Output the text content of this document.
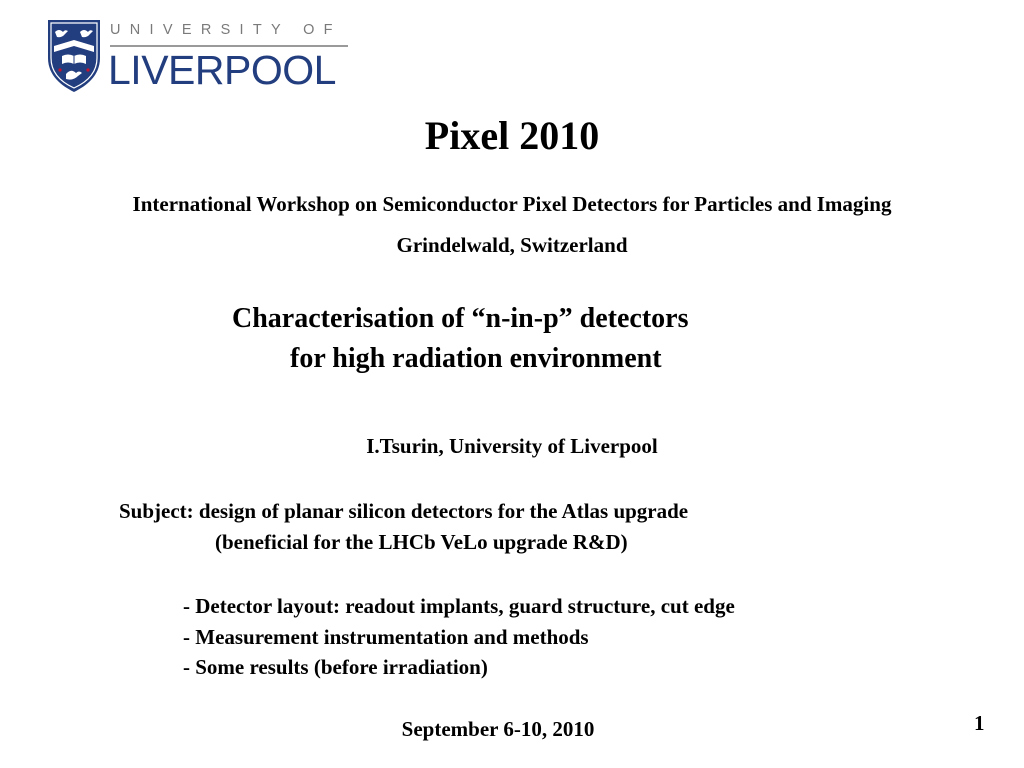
UNIVERSITY OF
LIVERPOOL
Pixel 2010
International Workshop on Semiconductor Pixel Detectors for Particles and Imaging
Grindelwald, Switzerland
Characterisation of “n-in-p” detectors
for high radiation environment
I.Tsurin, University of Liverpool
Subject: design of planar silicon detectors for the Atlas upgrade
(beneficial for the LHCb VeLo upgrade R&D)
- Detector layout: readout implants, guard structure, cut edge
- Measurement instrumentation and methods
- Some results (before irradiation)
September 6-10, 2010	1
